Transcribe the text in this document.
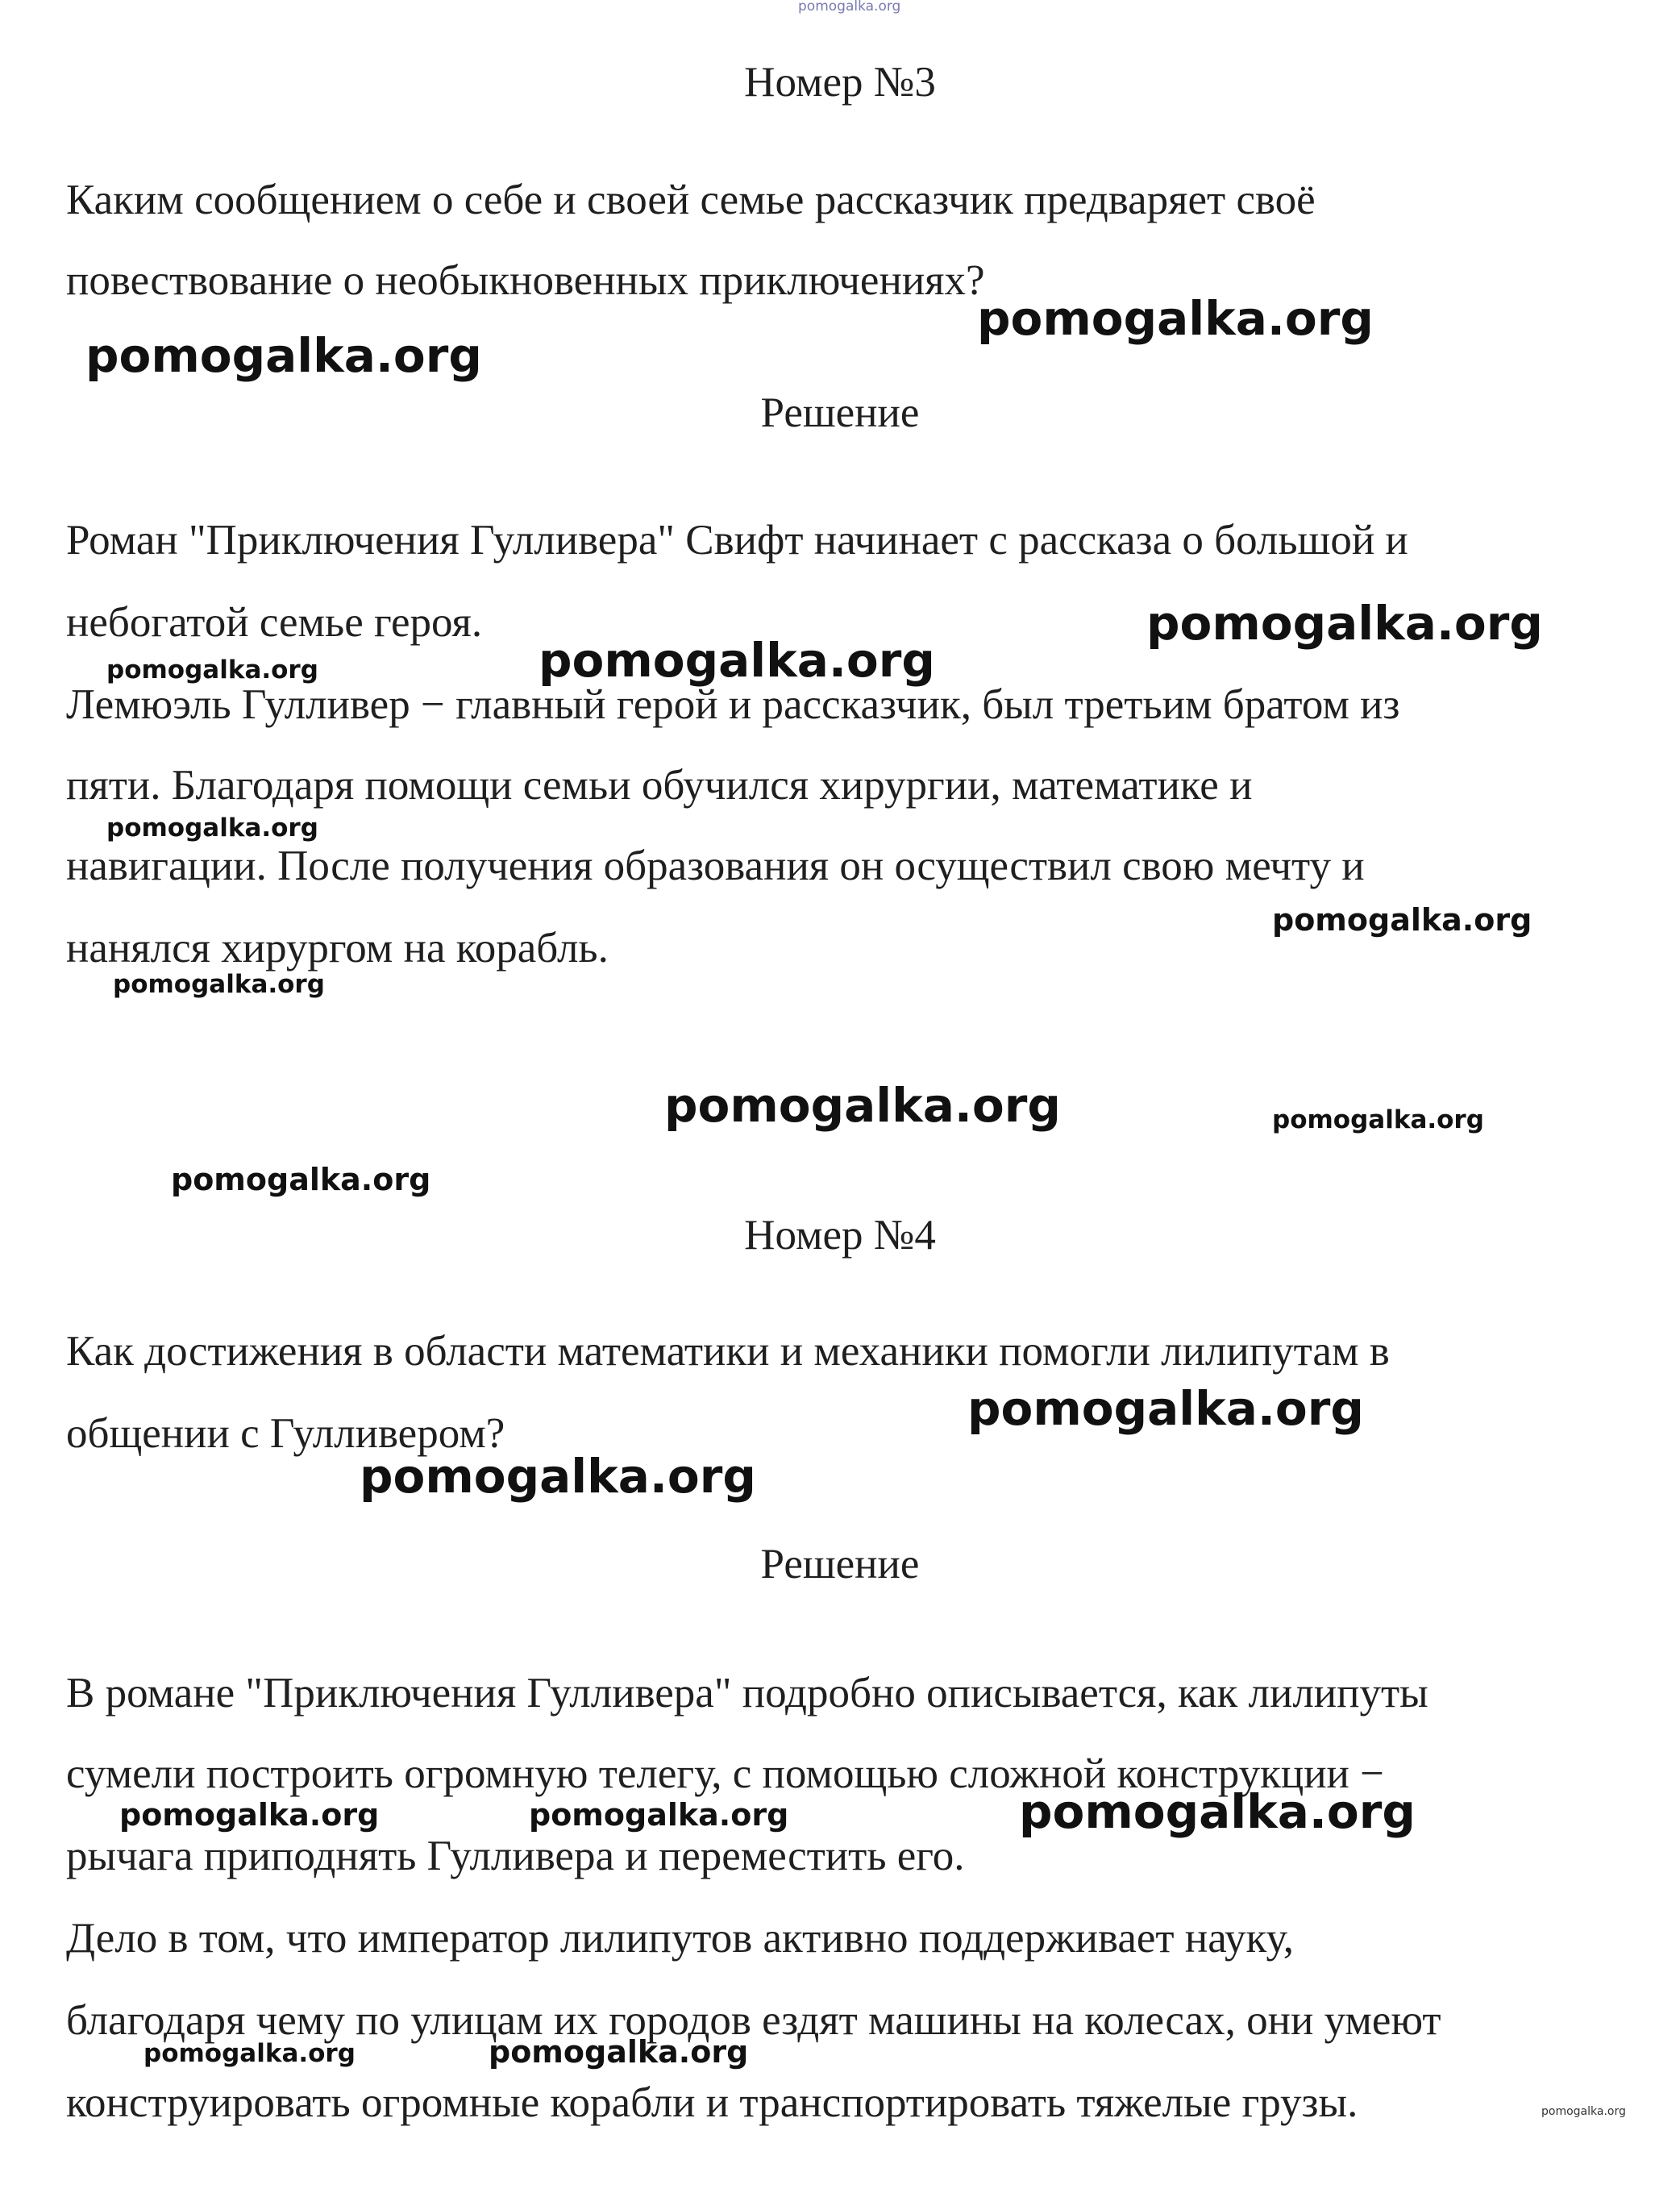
pomogalka.org
Номер №3
Каким сообщением о себе и своей семье рассказчик предваряет своё
повествование о необыкновенных приключениях?
Решение
Роман "Приключения Гулливера" Свифт начинает с рассказа о большой и
небогатой семье героя.
Лемюэль Гулливер − главный герой и рассказчик, был третьим братом из
пяти. Благодаря помощи семьи обучился хирургии, математике и
навигации. После получения образования он осуществил свою мечту и
нанялся хирургом на корабль.
Номер №4
Как достижения в области математики и механики помогли лилипутам в
общении с Гулливером?
Решение
В романе "Приключения Гулливера" подробно описывается, как лилипуты
сумели построить огромную телегу, с помощью сложной конструкции −
рычага приподнять Гулливера и переместить его.
Дело в том, что император лилипутов активно поддерживает науку,
благодаря чему по улицам их городов ездят машины на колесах, они умеют
конструировать огромные корабли и транспортировать тяжелые грузы.
pomogalka.org
pomogalka.org
pomogalka.org
pomogalka.org
pomogalka.org
pomogalka.org
pomogalka.org
pomogalka.org
pomogalka.org	pomogalka.org
pomogalka.org
pomogalka.org
pomogalka.org
pomogalka.org	pomogalka.org	pomogalka.org
pomogalka.org	pomogalka.org
pomogalka.org
